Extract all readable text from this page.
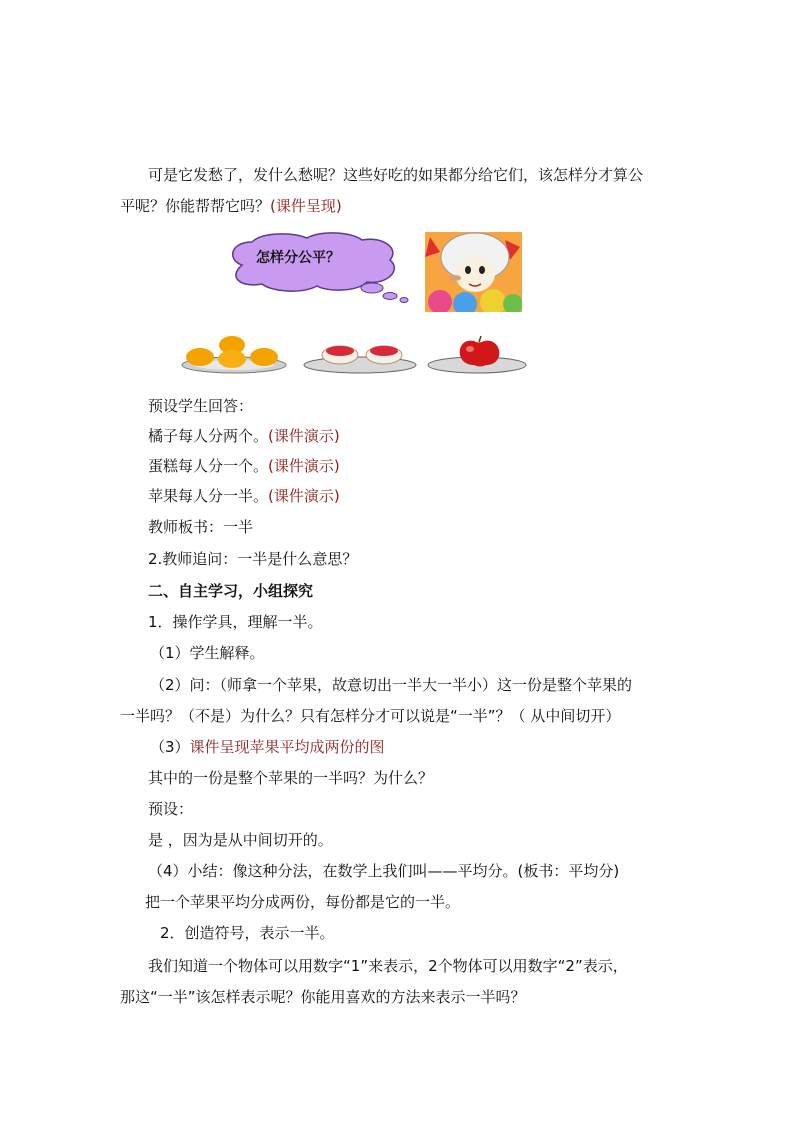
可是它发愁了，发什么愁呢？这些好吃的如果都分给它们，该怎样分才算公
平呢？你能帮帮它吗？(课件呈现)
怎样分公平？
预设学生回答：
橘子每人分两个。(课件演示)
蛋糕每人分一个。(课件演示)
苹果每人分一半。(课件演示)
教师板书：一半
2.教师追问：一半是什么意思？
二、自主学习，小组探究
1．操作学具，理解一半。
（1）学生解释。
（2）问：（师拿一个苹果，故意切出一半大一半小）这一份是整个苹果的
一半吗？（不是）为什么？只有怎样分才可以说是“一半”？（ 从中间切开）
（3）课件呈现苹果平均成两份的图
其中的一份是整个苹果的一半吗？为什么？
预设：
是 ，因为是从中间切开的。
（4）小结：像这种分法，在数学上我们叫——平均分。(板书：平均分)
把一个苹果平均分成两份，每份都是它的一半。
2．创造符号，表示一半。
我们知道一个物体可以用数字“1”来表示，2个物体可以用数字“2”表示，
那这“一半”该怎样表示呢？你能用喜欢的方法来表示一半吗？
